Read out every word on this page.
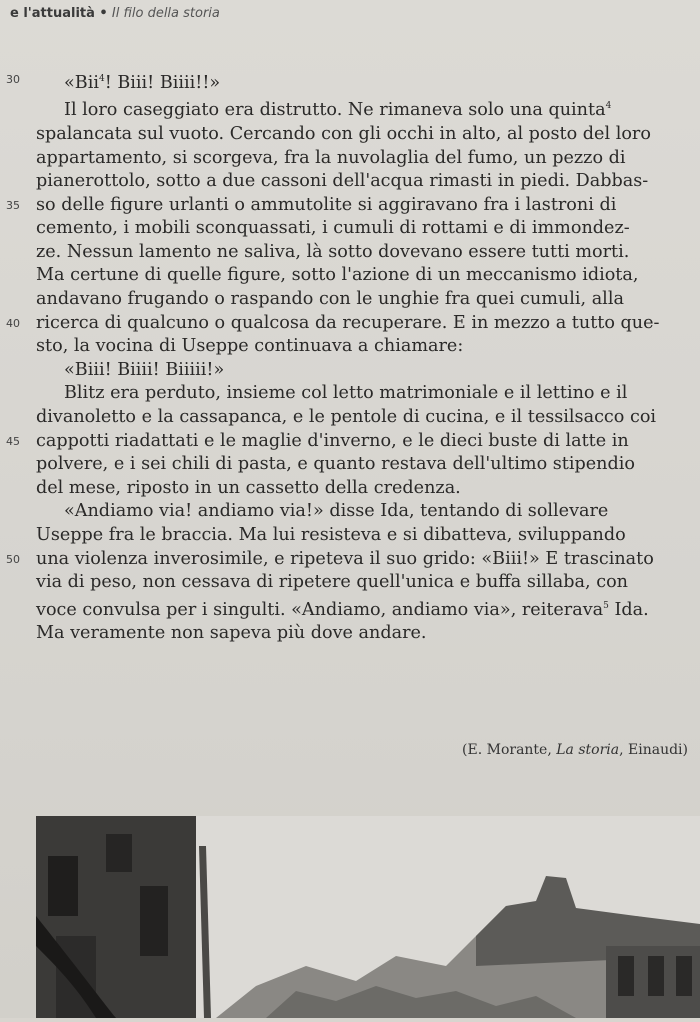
e l'attualità • Il filo della storia
30	«Bii$^4$! Biii! Biiii!!»
Il loro caseggiato era distrutto. Ne rimaneva solo una quinta$^4$
spalancata sul vuoto. Cercando con gli occhi in alto, al posto del loro
appartamento, si scorgeva, fra la nuvolaglia del fumo, un pezzo di
pianerottolo, sotto a due cassoni dell'acqua rimasti in piedi. Dabbas-
35 so delle figure urlanti o ammutolite si aggiravano fra i lastroni di
cemento, i mobili sconquassati, i cumuli di rottami e di immondez-
ze. Nessun lamento ne saliva, là sotto dovevano essere tutti morti.
Ma certune di quelle figure, sotto l'azione di un meccanismo idiota,
andavano frugando o raspando con le unghie fra quei cumuli, alla
40 ricerca di qualcuno o qualcosa da recuperare. E in mezzo a tutto que-
sto, la vocina di Useppe continuava a chiamare:
«Biii! Biiii! Biiiii!»
Blitz era perduto, insieme col letto matrimoniale e il lettino e il
divanoletto e la cassapanca, e le pentole di cucina, e il tessilsacco coi
45 cappotti riadattati e le maglie d'inverno, e le dieci buste di latte in
polvere, e i sei chili di pasta, e quanto restava dell'ultimo stipendio
del mese, riposto in un cassetto della credenza.
«Andiamo via! andiamo via!» disse Ida, tentando di sollevare
Useppe fra le braccia. Ma lui resisteva e si dibatteva, sviluppando
50 una violenza inverosimile, e ripeteva il suo grido: «Biii!» E trascinato
via di peso, non cessava di ripetere quell'unica e buffa sillaba, con
voce convulsa per i singulti. «Andiamo, andiamo via», reiterava$^5$ Ida.
Ma veramente non sapeva più dove andare.
(E. Morante, La storia, Einaudi)
